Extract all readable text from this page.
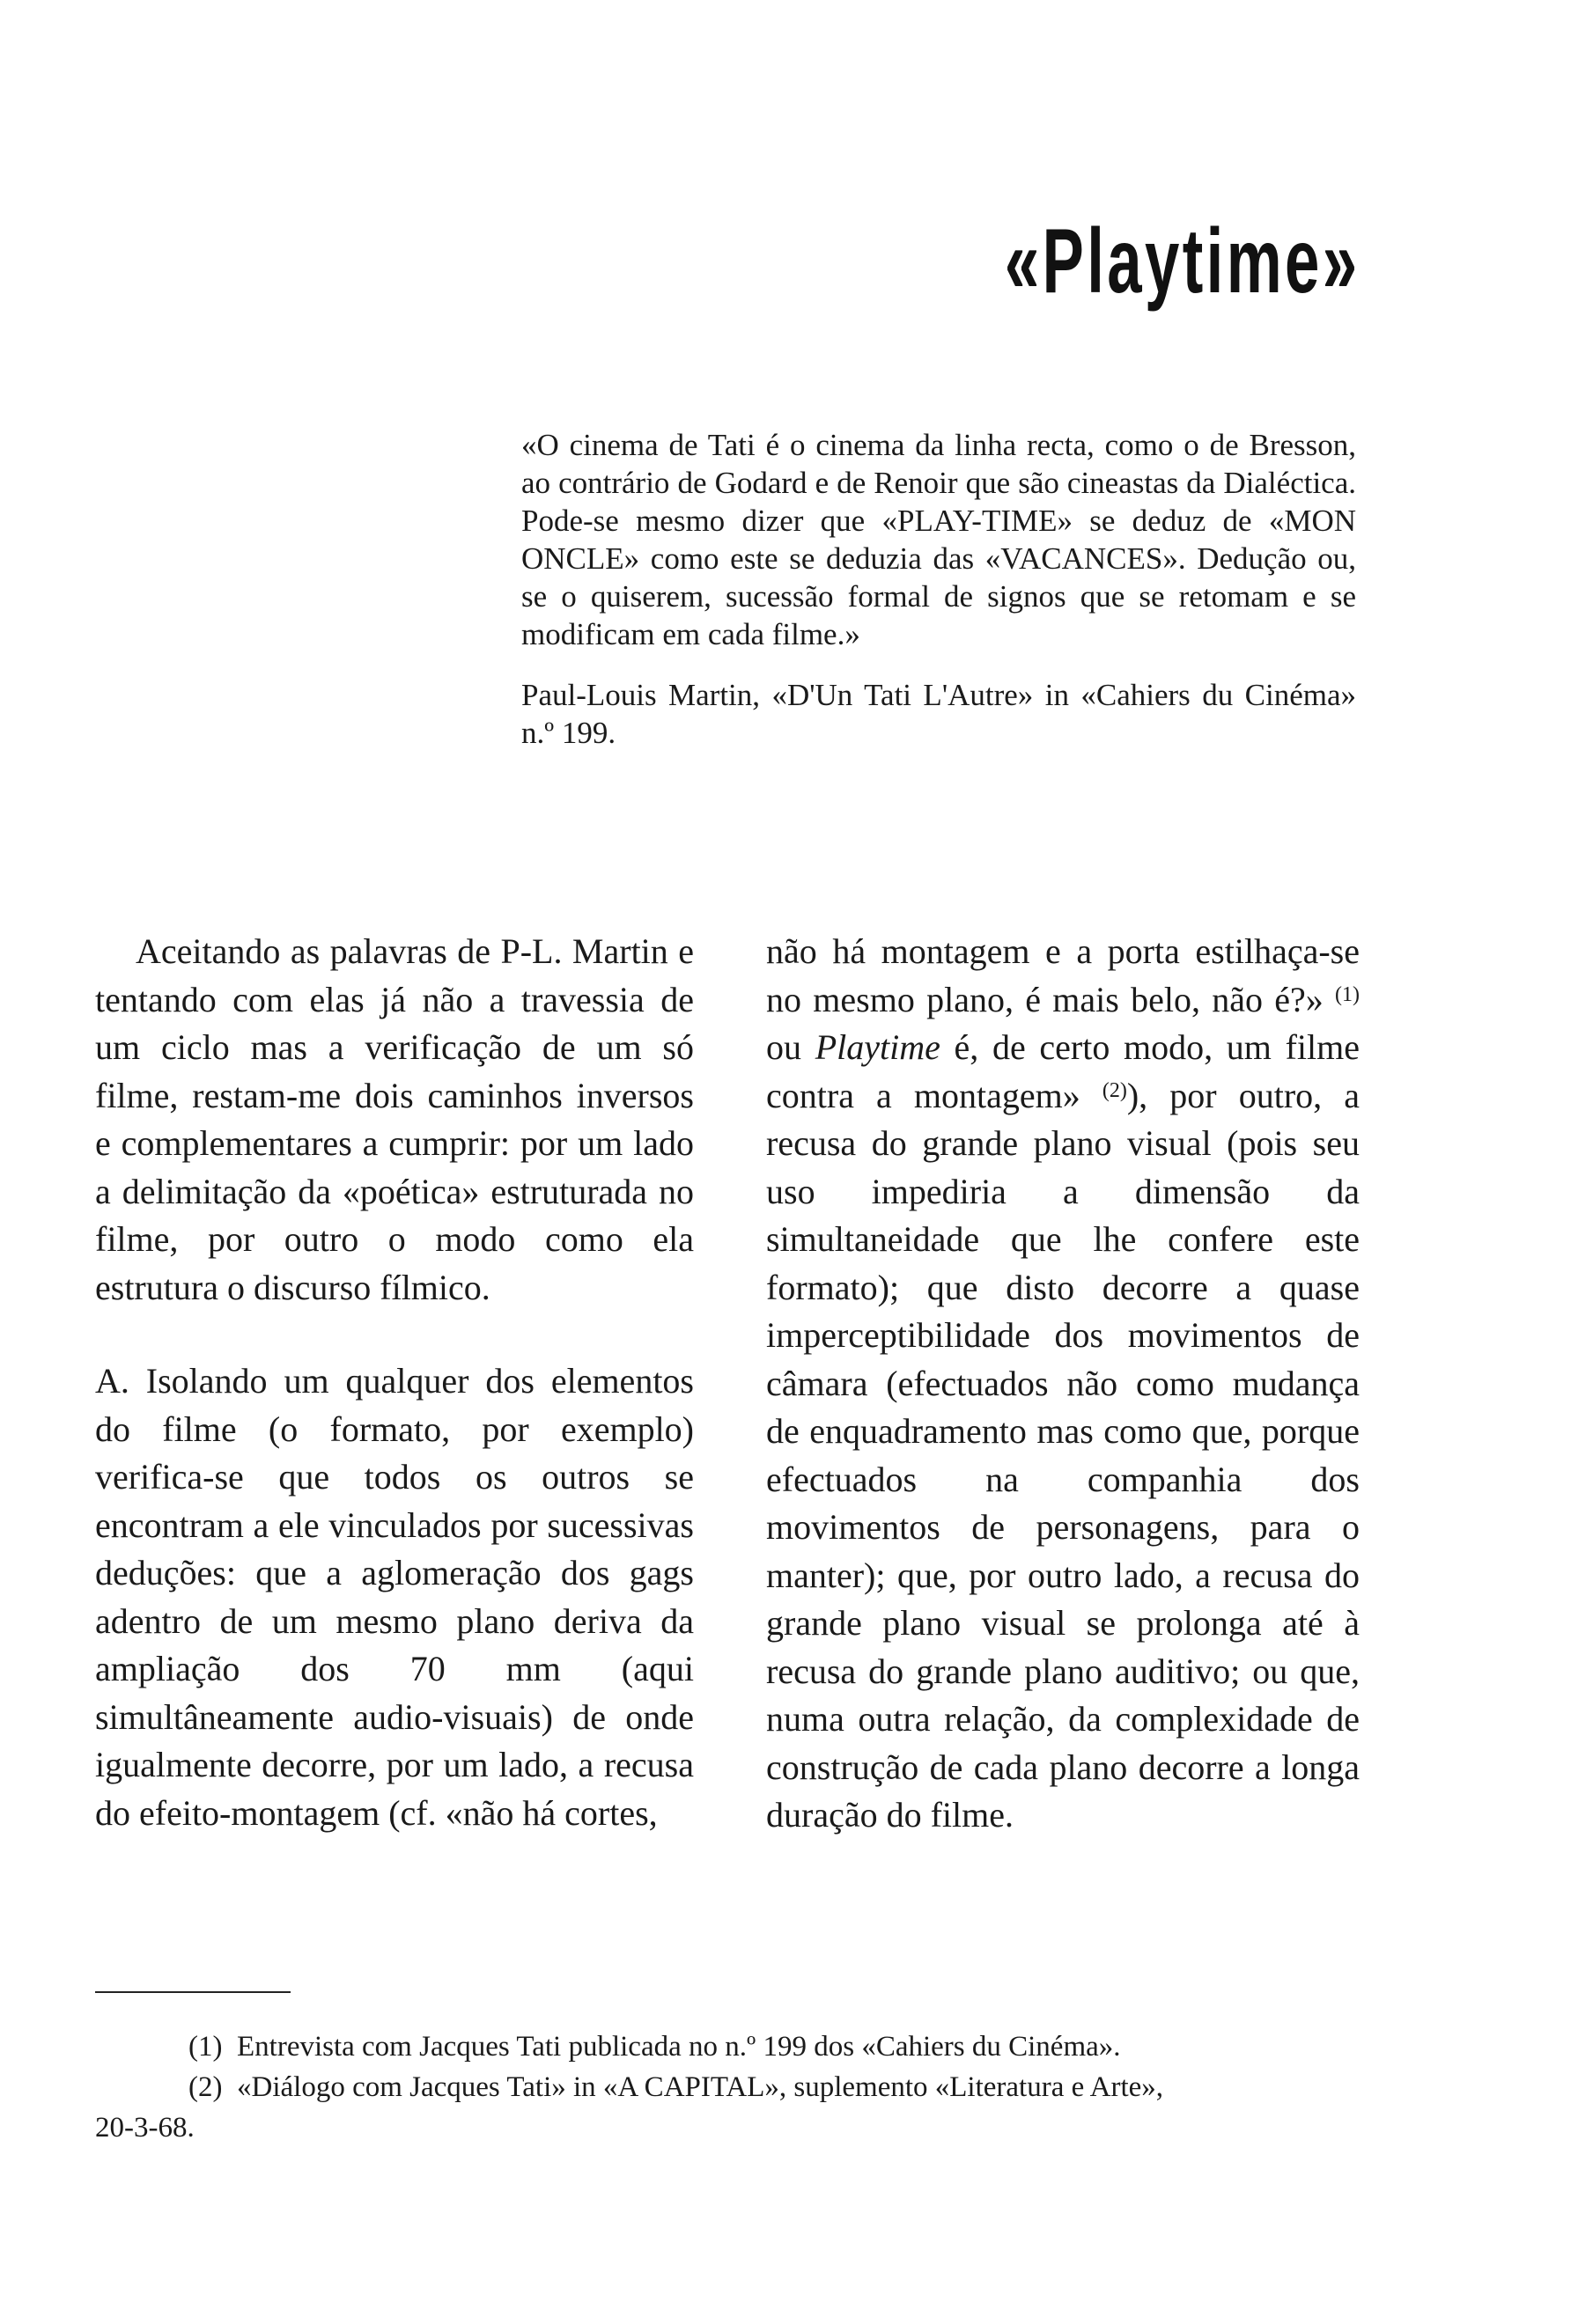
«Playtime»

«O cinema de Tati é o cinema da linha recta, como o de Bresson, ao contrário de Godard e de Renoir que são cineastas da Dialéctica. Pode-se mesmo dizer que «PLAY-TIME» se deduz de «MON ONCLE» como este se deduzia das «VACANCES». Dedução ou, se o quiserem, sucessão formal de signos que se retomam e se modificam em cada filme.»

Paul-Louis Martin, «D'Un Tati L'Autre» in «Cahiers du Cinéma» n.º 199.

Aceitando as palavras de P-L. Martin e tentando com elas já não a travessia de um ciclo mas a verificação de um só filme, restam-me dois caminhos inversos e complementares a cumprir: por um lado a delimitação da «poética» estruturada no filme, por outro o modo como ela estrutura o discurso fílmico.

A. Isolando um qualquer dos elementos do filme (o formato, por exemplo) verifica-se que todos os outros se encontram a ele vinculados por sucessivas deduções: que a aglomeração dos gags adentro de um mesmo plano deriva da ampliação dos 70 mm (aqui simultâneamente audio-visuais) de onde igualmente decorre, por um lado, a recusa do efeito-montagem (cf. «não há cortes,

não há montagem e a porta estilhaça-se no mesmo plano, é mais belo, não é?» $^{(1)}$ ou Playtime é, de certo modo, um filme contra a montagem» $^{(2)}$), por outro, a recusa do grande plano visual (pois seu uso impediria a dimensão da simultaneidade que lhe confere este formato); que disto decorre a quase imperceptibilidade dos movimentos de câmara (efectuados não como mudança de enquadramento mas como que, porque efectuados na companhia dos movimentos de personagens, para o manter); que, por outro lado, a recusa do grande plano visual se prolonga até à recusa do grande plano auditivo; ou que, numa outra relação, da complexidade de construção de cada plano decorre a longa duração do filme.

(1) Entrevista com Jacques Tati publicada no n.º 199 dos «Cahiers du Cinéma».

(2) «Diálogo com Jacques Tati» in «A CAPITAL», suplemento «Literatura e Arte»,

20-3-68.
